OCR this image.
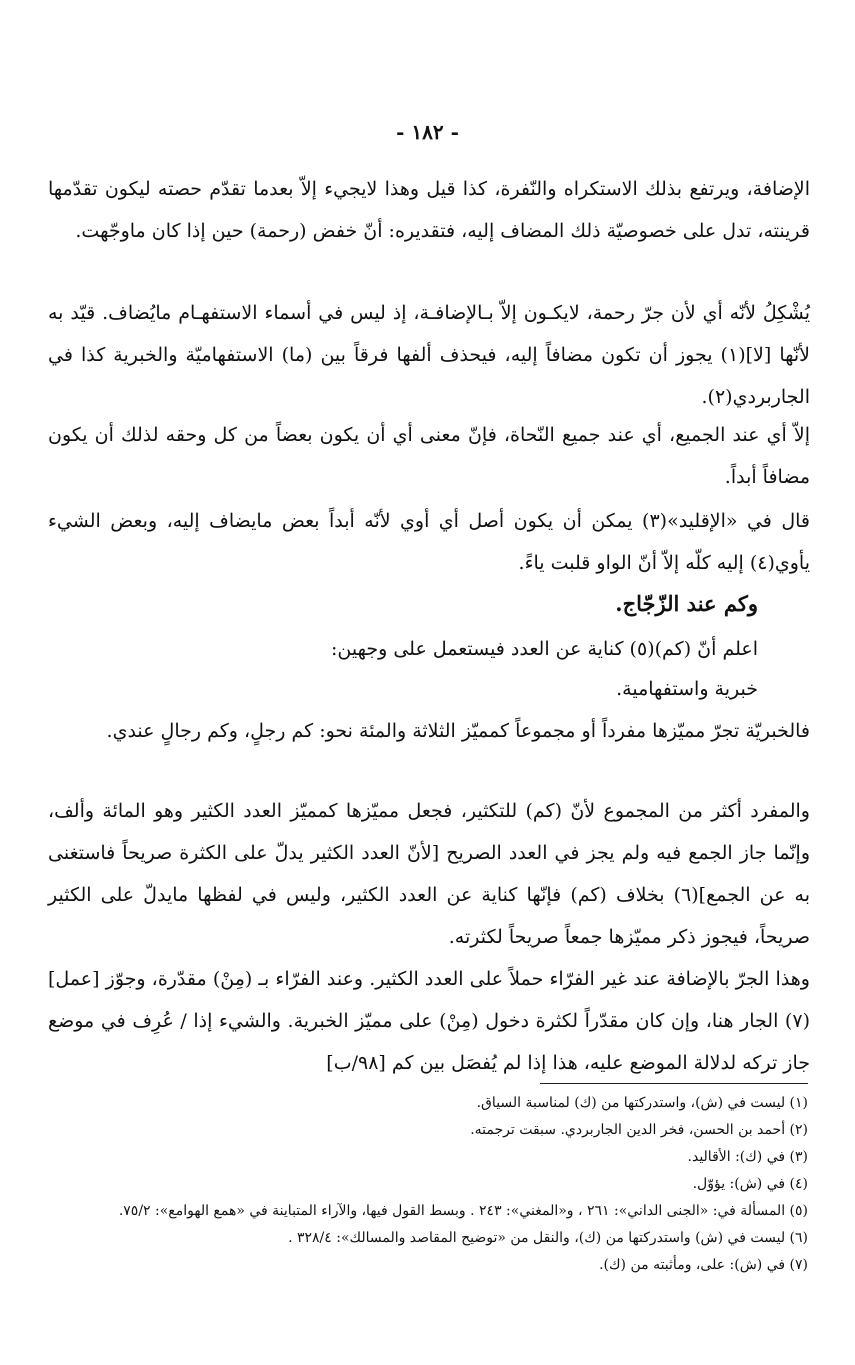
- ١٨٢ -

الإضافة، ويرتفع بذلك الاستكراه والنّفرة، كذا قيل وهذا لايجيء إلاّ بعدما تقدّم حصته ليكون تقدّمها قرينته، تدل على خصوصيّة ذلك المضاف إليه، فتقديره: أنّ خفض (رحمة) حين إذا كان ماوجّهت.

يُشْكِلُ لأنّه أي لأن جرّ رحمة، لايكـون إلاّ بـالإضافـة، إذ ليس في أسماء الاستفهـام مايُضاف. قيّد به لأنّها [لا](١) يجوز أن تكون مضافاً إليه، فيحذف ألفها فرقاً بين (ما) الاستفهاميّة والخبرية كذا في الجاربردي(٢).

إلاّ أي عند الجميع، أي عند جميع النّحاة، فإنّ معنى أي أن يكون بعضاً من كل وحقه لذلك أن يكون مضافاً أبداً.

قال في «الإقليد»(٣) يمكن أن يكون أصل أي أوي لأنّه أبداً بعض مايضاف إليه، وبعض الشيء يأوي(٤) إليه كلّه إلاّ أنّ الواو قلبت ياءً.

وكم عند الزّجّاج.

اعلم أنّ (كم)(٥) كناية عن العدد فيستعمل على وجهين:

خبرية واستفهامية.

فالخبريّة تجرّ مميّزها مفرداً أو مجموعاً كمميّز الثلاثة والمئة نحو: كم رجلٍ، وكم رجالٍ عندي.

والمفرد أكثر من المجموع لأنّ (كم) للتكثير، فجعل مميّزها كمميّز العدد الكثير وهو المائة وألف، وإنّما جاز الجمع فيه ولم يجز في العدد الصريح [لأنّ العدد الكثير يدلّ على الكثرة صريحاً فاستغنى به عن الجمع](٦) بخلاف (كم) فإنّها كناية عن العدد الكثير، وليس في لفظها مايدلّ على الكثير صريحاً، فيجوز ذكر مميّزها جمعاً صريحاً لكثرته.

وهذا الجرّ بالإضافة عند غير الفرّاء حملاً على العدد الكثير. وعند الفرّاء بـ (مِنْ) مقدّرة، وجوّز [عمل](٧) الجار هنا، وإن كان مقدّراً لكثرة دخول (مِنْ) على مميّز الخبرية. والشيء إذا / عُرِف في موضع جاز تركه لدلالة الموضع عليه، هذا إذا لم يُفصَل بين كم [٩٨/ب]

(١) ليست في (ش)، واستدركتها من (ك) لمناسبة السياق.
(٢) أحمد بن الحسن، فخر الدين الجاربردي. سبقت ترجمته.
(٣) في (ك): الأقاليد.
(٤) في (ش): يؤوّل.
(٥) المسألة في: «الجنى الداني»: ٢٦١ ، و«المغني»: ٢٤٣ . وبسط القول فيها، والآراء المتباينة في «همع الهوامع»: ٧٥/٢.
(٦) ليست في (ش) واستدركتها من (ك)، والنقل من «توضيح المقاصد والمسالك»: ٣٢٨/٤ .
(٧) في (ش): على، ومأثبته من (ك).
